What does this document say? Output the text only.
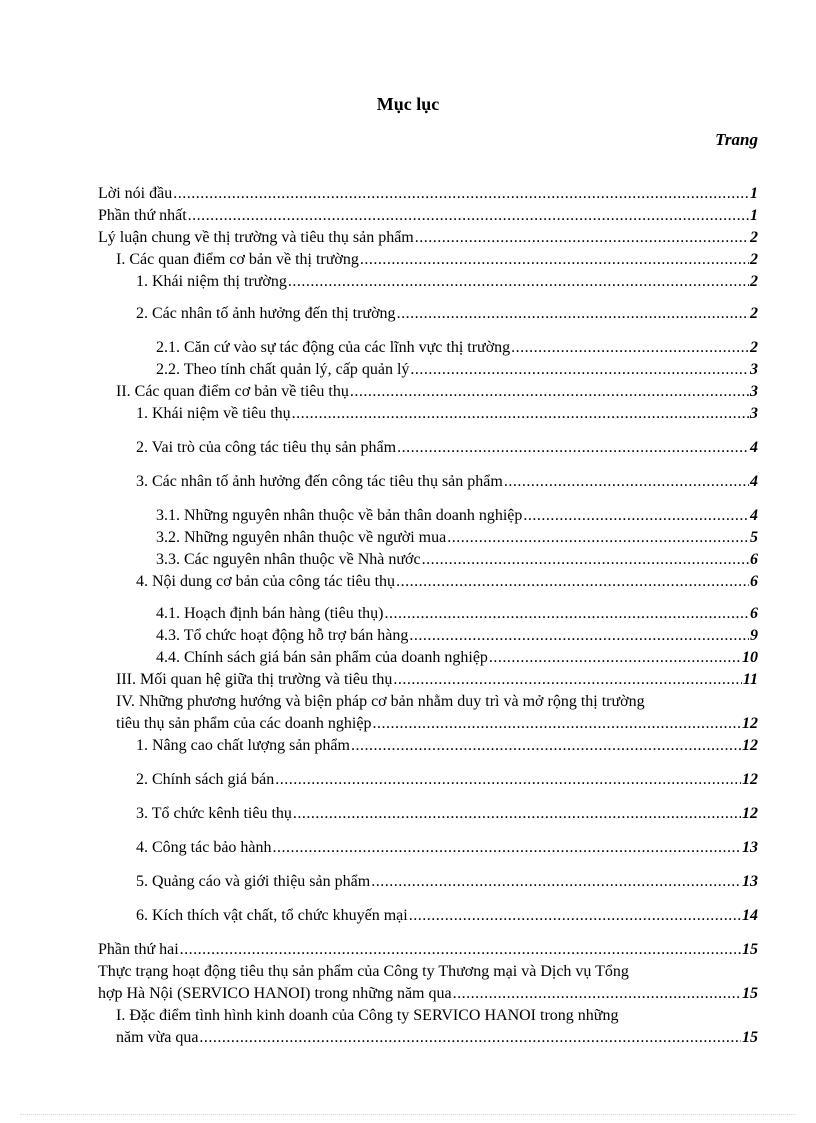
Mục lục
Trang
Lời nói đầu .....	1
Phần thứ nhất .....	1
Lý luận chung về thị trường và tiêu thụ sản phẩm .....	2
I. Các quan điểm cơ bản về thị trường .....	2
1. Khái niệm thị trường .....	2
2. Các nhân tố ảnh hưởng đến thị trường .....	2
2.1. Căn cứ vào sự tác động của các lĩnh vực thị trường .....	2
2.2. Theo tính chất quản lý, cấp quản lý .....	3
II. Các quan điểm cơ bản về tiêu thụ .....	3
1. Khái niệm về tiêu thụ .....	3
2. Vai trò của công tác tiêu thụ sản phẩm .....	4
3. Các nhân tố ảnh hưởng đến công tác tiêu thụ sản phẩm .....	4
3.1. Những nguyên nhân thuộc về bản thân doanh nghiệp .....	4
3.2. Những nguyên nhân thuộc về người mua .....	5
3.3. Các nguyên nhân thuộc về Nhà nước .....	6
4. Nội dung cơ bản của công tác tiêu thụ .....	6
4.1. Hoạch định bán hàng (tiêu thụ) .....	6
4.3. Tổ chức hoạt động hỗ trợ bán hàng .....	9
4.4. Chính sách giá bán sản phẩm của doanh nghiệp .....	10
III. Mối quan hệ giữa thị trường và tiêu thụ .....	11
IV. Những phương hướng và biện pháp cơ bản nhằm duy trì và mở rộng thị trường
tiêu thụ sản phẩm của các doanh nghiệp .....	12
1. Nâng cao chất lượng sản phẩm .....	12
2. Chính sách giá bán .....	12
3. Tổ chức kênh tiêu thụ .....	12
4. Công tác bảo hành .....	13
5. Quảng cáo và giới thiệu sản phẩm .....	13
6. Kích thích vật chất, tổ chức khuyến mại .....	14
Phần thứ hai .....	15
Thực trạng hoạt động tiêu thụ sản phẩm của Công ty Thương mại và Dịch vụ Tổng
hợp Hà Nội (SERVICO HANOI) trong những năm qua .....	15
I. Đặc điểm tình hình kinh doanh của Công ty SERVICO HANOI trong những
năm vừa qua .....	15
